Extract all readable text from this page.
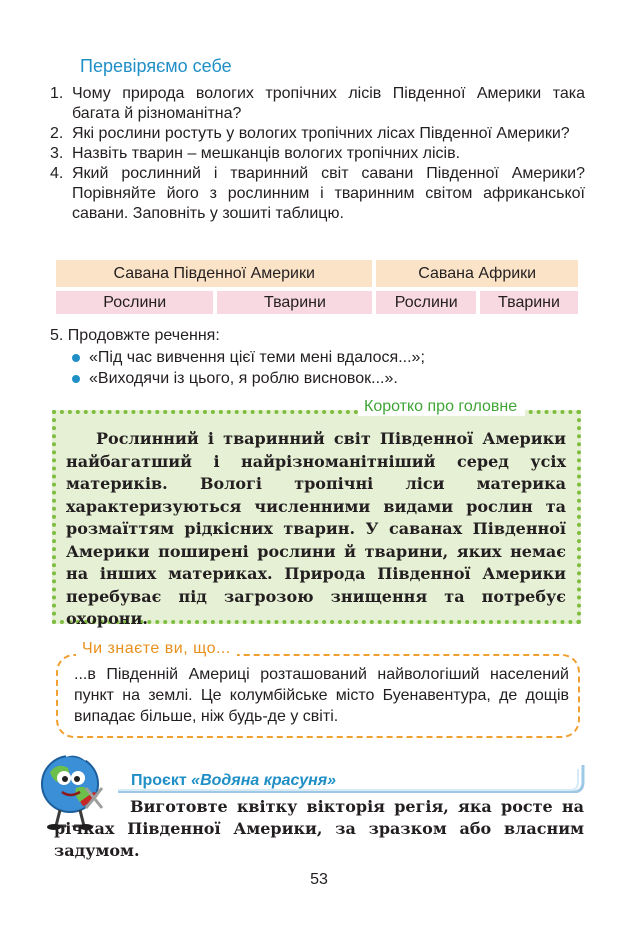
Перевіряємо себе
1. Чому природа вологих тропічних лісів Південної Америки така багата й різноманітна?
2. Які рослини ростуть у вологих тропічних лісах Південної Америки?
3. Назвіть тварин – мешканців вологих тропічних лісів.
4. Який рослинний і тваринний світ савани Південної Америки? Порівняйте його з рослинним і тваринним світом африканської савани. Заповніть у зошиті таблицю.
Савана Південної Америки		Савана Африки	
Рослини	Тварини	Рослини	Тварини
5. Продовжте речення:
«Під час вивчення цієї теми мені вдалося...»;
«Виходячи із цього, я роблю висновок...».
Коротко про головне
Рослинний і тваринний світ Південної Америки найбагатший і найрізноманітніший серед усіх материків. Вологі тропічні ліси материка характеризуються численними видами рослин та розмаїттям рідкісних тварин. У саванах Південної Америки поширені рослини й тварини, яких немає на інших материках. Природа Південної Америки перебуває під загрозою знищення та потребує охорони.
Чи знаєте ви, що...
...в Південній Америці розташований найвологіший населений пункт на землі. Це колумбійське місто Буенавентура, де дощів випадає більше, ніж будь-де у світі.
Проєкт «Водяна красуня»
Виготовте квітку вікторія регія, яка росте на річках Південної Америки, за зразком або власним задумом.
53
